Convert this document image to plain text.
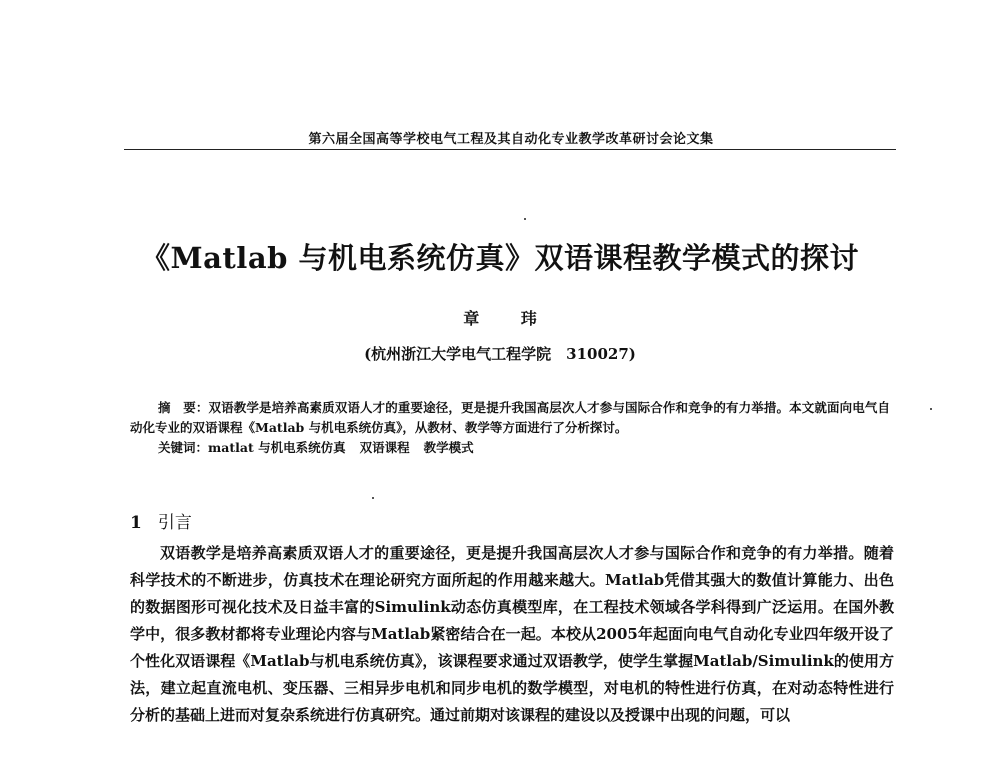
第六届全国高等学校电气工程及其自动化专业教学改革研讨会论文集
《Matlab 与机电系统仿真》双语课程教学模式的探讨
章 玮
(杭州浙江大学电气工程学院　310027)

摘　要：双语教学是培养高素质双语人才的重要途径，更是提升我国高层次人才参与国际合作和竞争的有力举措。本文就面向电气自动化专业的双语课程《Matlab 与机电系统仿真》，从教材、教学等方面进行了分析探讨。

关键词：matlat 与机电系统仿真 双语课程 教学模式
1 引言

双语教学是培养高素质双语人才的重要途径，更是提升我国高层次人才参与国际合作和竞争的有力举措。随着科学技术的不断进步，仿真技术在理论研究方面所起的作用越来越大。Matlab凭借其强大的数值计算能力、出色的数据图形可视化技术及日益丰富的Simulink动态仿真模型库，在工程技术领域各学科得到广泛运用。在国外教学中，很多教材都将专业理论内容与Matlab紧密结合在一起。本校从2005年起面向电气自动化专业四年级开设了个性化双语课程《Matlab与机电系统仿真》，该课程要求通过双语教学，使学生掌握Matlab/Simulink的使用方法，建立起直流电机、变压器、三相异步电机和同步电机的数学模型，对电机的特性进行仿真，在对动态特性进行分析的基础上进而对复杂系统进行仿真研究。通过前期对该课程的建设以及授课中出现的问题，可以
